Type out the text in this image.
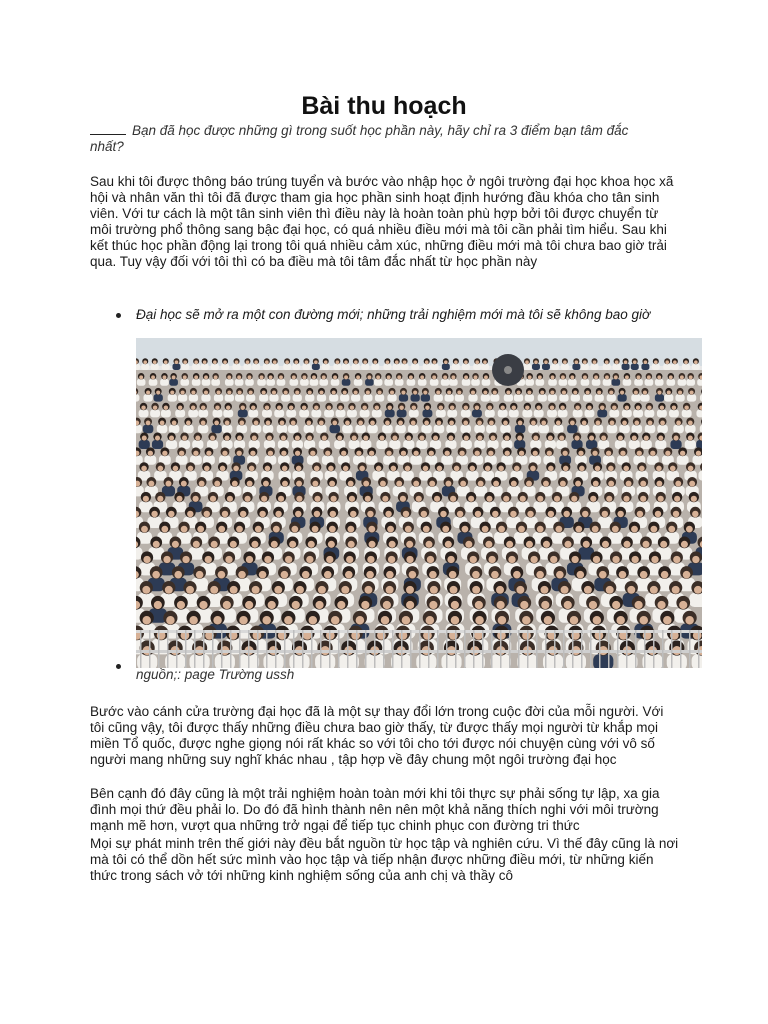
Bài thu hoạch

Bạn đã học được những gì trong suốt học phần này, hãy chỉ ra 3 điểm bạn tâm đắc nhất?

Sau khi tôi được thông báo trúng tuyển và bước vào nhập học ở ngôi trường đại học khoa học xã hội và nhân văn thì tôi đã được tham gia học phần sinh hoạt định hướng đầu khóa cho tân sinh viên. Với tư cách là một tân sinh viên thì điều này là hoàn toàn phù hợp bởi tôi được chuyển từ môi trường phổ thông sang bậc đại học, có quá nhiều điều mới mà tôi cần phải tìm hiểu. Sau khi kết thúc học phần động lại trong tôi quá nhiều cảm xúc, những điều mới mà tôi chưa bao giờ trải qua. Tuy vậy đối với tôi thì có ba điều mà tôi tâm đắc nhất từ học phần này

Đại học sẽ mở ra một con đường mới; những trải nghiệm mới mà tôi sẽ không bao giờ

nguồn;: page Trường ussh

Bước vào cánh cửa trường đại học đã là một sự thay đổi lớn trong cuộc đời của mỗi người. Với tôi cũng vậy, tôi được thấy những điều chưa bao giờ thấy, từ được thấy mọi người từ khắp mọi miền Tổ quốc, được nghe giọng nói rất khác so với tôi cho tới được nói chuyện cùng với vô số người mang những suy nghĩ khác nhau , tập hợp về đây chung một ngôi trường đại học

Bên cạnh đó đây cũng là một trải nghiệm hoàn toàn mới khi tôi thực sự phải sống tự lập, xa gia đình mọi thứ đều phải lo. Do đó đã hình thành nên nên một khả năng thích nghi với môi trường mạnh mẽ hơn, vượt qua những trở ngại để tiếp tục chinh phục con đường tri thức

Mọi sự phát minh trên thế giới này đều bắt nguồn từ học tập và nghiên cứu. Vì thế đây cũng là nơi mà tôi có thể dồn hết sức mình vào học tập và tiếp nhận được những điều mới, từ những kiến thức trong sách vở tới những kinh nghiệm sống của anh chị và thầy cô
